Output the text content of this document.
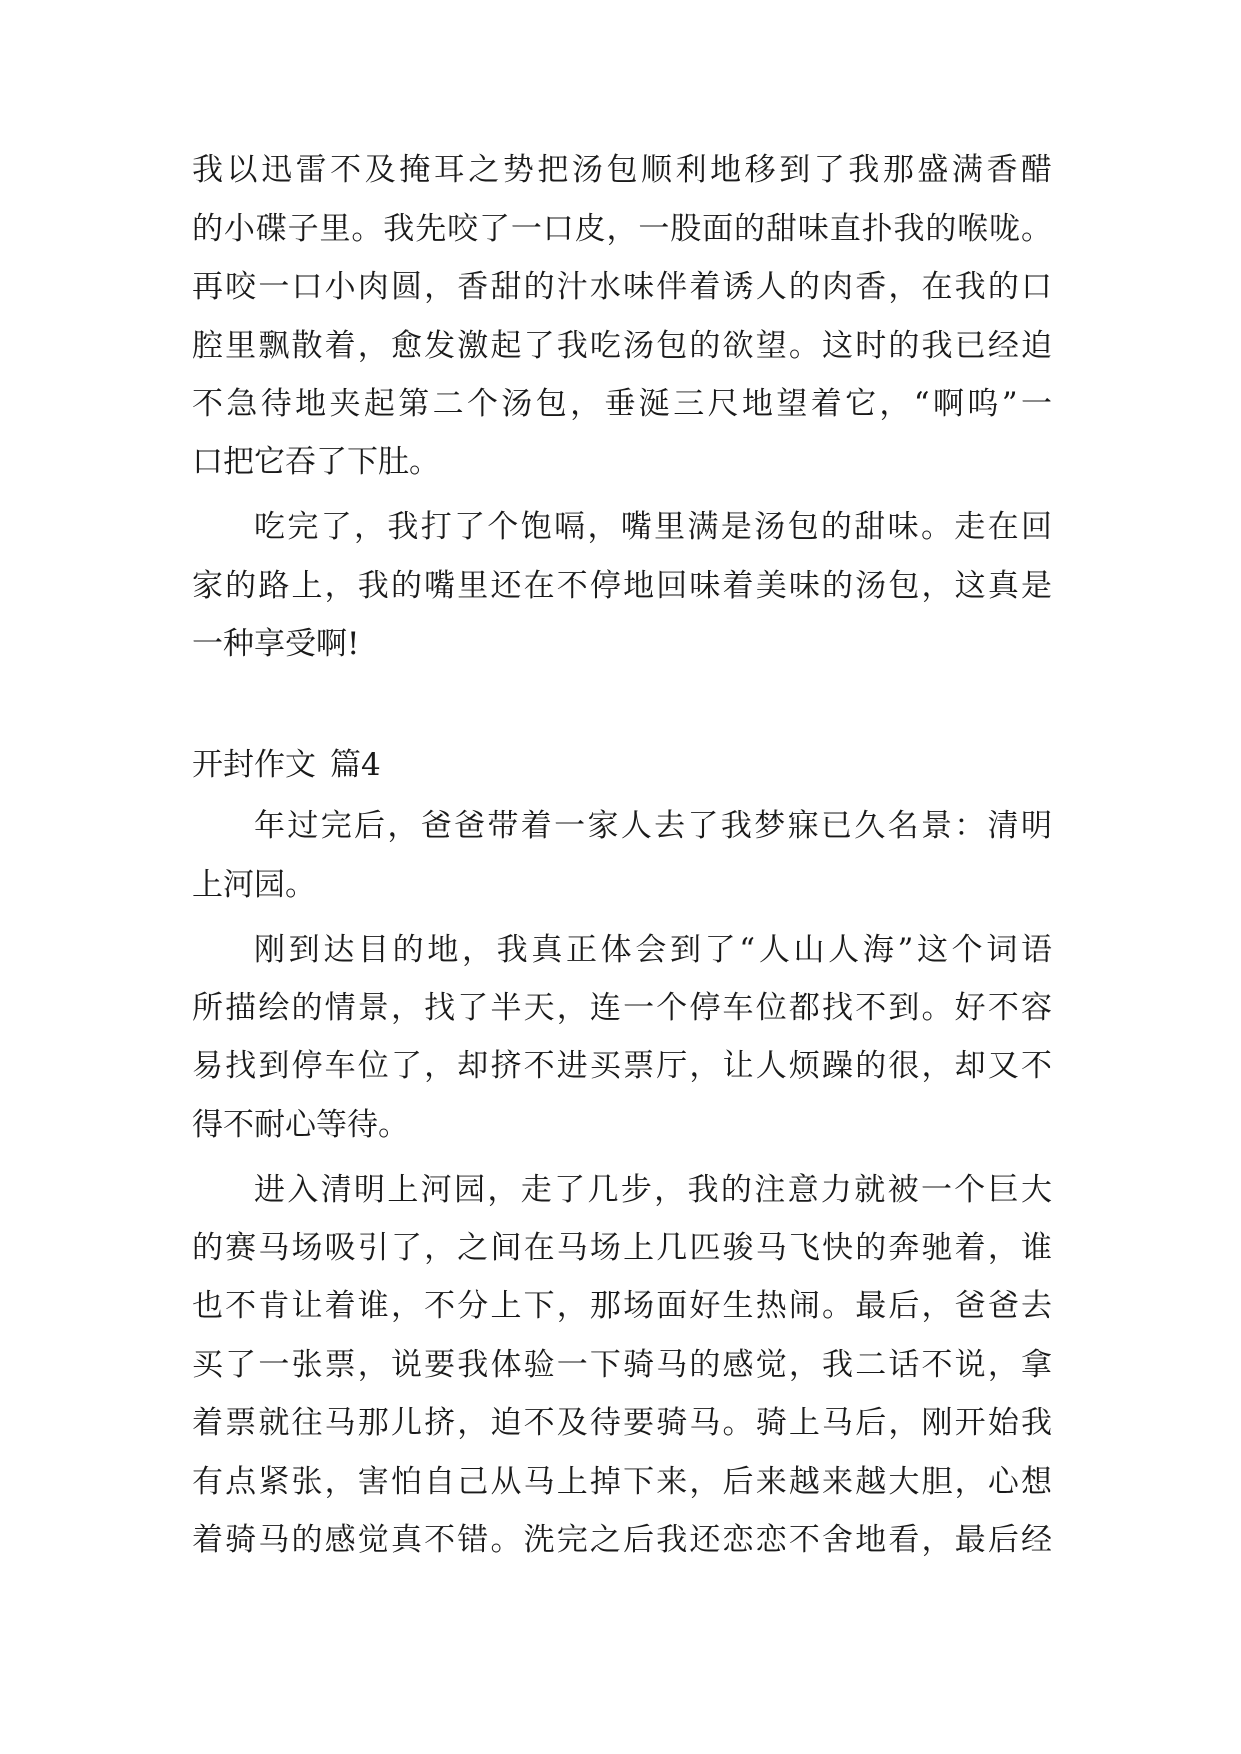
我以迅雷不及掩耳之势把汤包顺利地移到了我那盛满香醋
的小碟子里。我先咬了一口皮，一股面的甜味直扑我的喉咙。
再咬一口小肉圆，香甜的汁水味伴着诱人的肉香，在我的口
腔里飘散着，愈发激起了我吃汤包的欲望。这时的我已经迫
不急待地夹起第二个汤包，垂涎三尺地望着它，“啊呜”一
口把它吞了下肚。
吃完了，我打了个饱嗝，嘴里满是汤包的甜味。走在回
家的路上，我的嘴里还在不停地回味着美味的汤包，这真是
一种享受啊!
开封作文 篇4
年过完后，爸爸带着一家人去了我梦寐已久名景：清明
上河园。
刚到达目的地，我真正体会到了“人山人海”这个词语
所描绘的情景，找了半天，连一个停车位都找不到。好不容
易找到停车位了，却挤不进买票厅，让人烦躁的很，却又不
得不耐心等待。
进入清明上河园，走了几步，我的注意力就被一个巨大
的赛马场吸引了，之间在马场上几匹骏马飞快的奔驰着，谁
也不肯让着谁，不分上下，那场面好生热闹。最后，爸爸去
买了一张票，说要我体验一下骑马的感觉，我二话不说，拿
着票就往马那儿挤，迫不及待要骑马。骑上马后，刚开始我
有点紧张，害怕自己从马上掉下来，后来越来越大胆，心想
着骑马的感觉真不错。洗完之后我还恋恋不舍地看，最后经
